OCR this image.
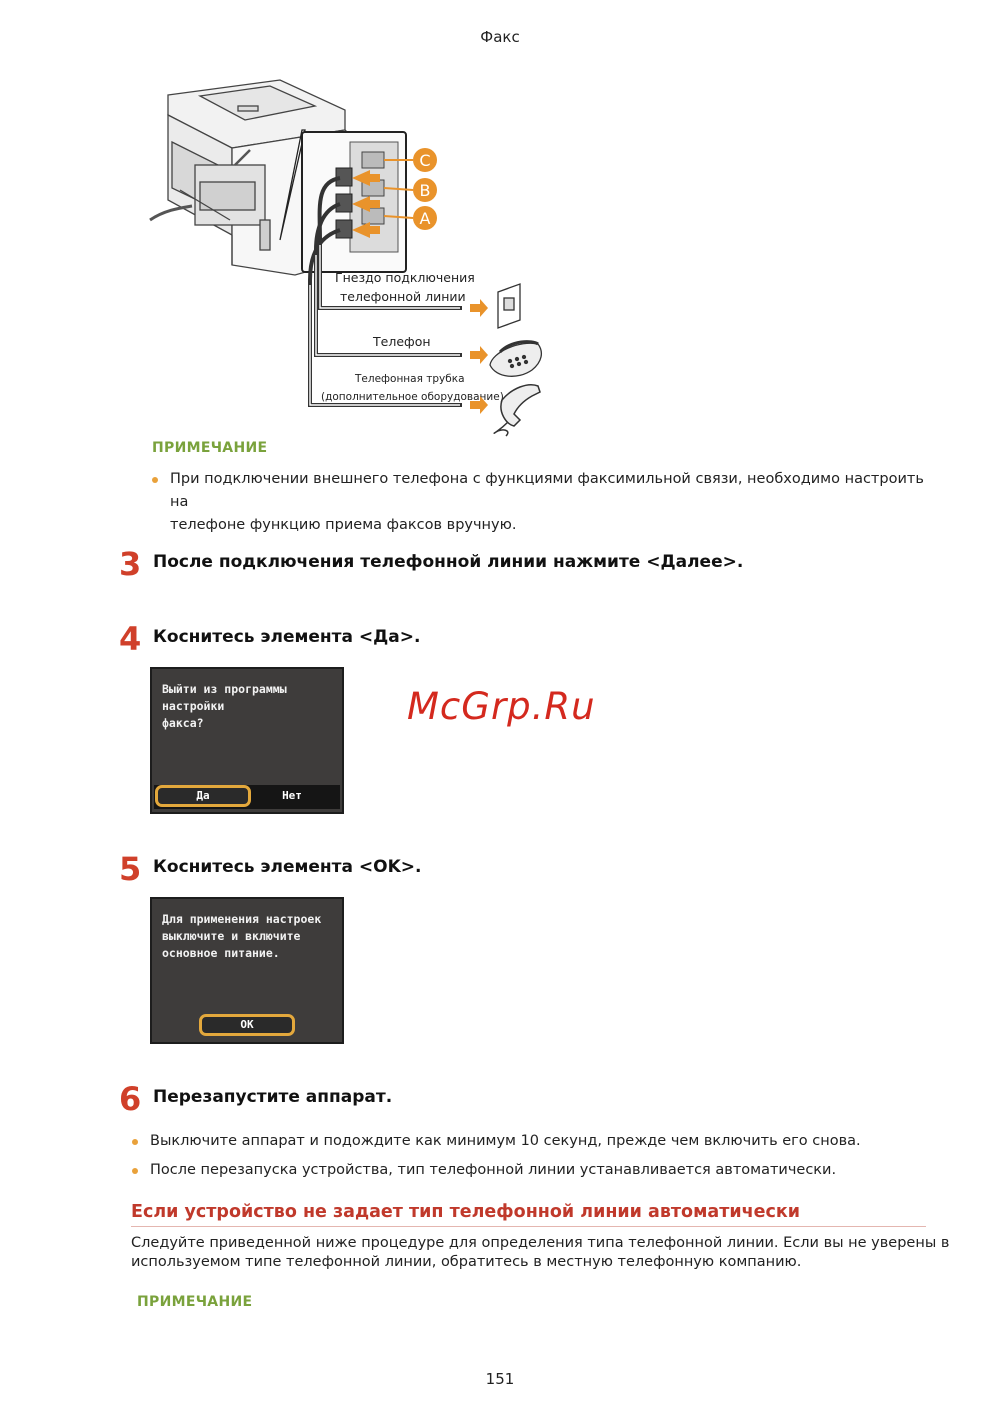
Факс
C
B
A
Гнездо подключения
телефонной линии
Телефон
Телефонная трубка
(дополнительное оборудование)
ПРИМЕЧАНИЕ
При подключении внешнего телефона с функциями факсимильной связи, необходимо настроить на
телефоне функцию приема факсов вручную.
3 После подключения телефонной линии нажмите <Далее>.
4 Коснитесь элемента <Да>.
Выйти из программы настройки
факса?
Да	Нет
McGrp.Ru
5 Коснитесь элемента <OK>.
Для применения настроек
выключите и включите
основное питание.
OK
6 Перезапустите аппарат.
Выключите аппарат и подождите как минимум 10 секунд, прежде чем включить его снова.
После перезапуска устройства, тип телефонной линии устанавливается автоматически.
Если устройство не задает тип телефонной линии автоматически
Следуйте приведенной ниже процедуре для определения типа телефонной линии. Если вы не уверены в
используемом типе телефонной линии, обратитесь в местную телефонную компанию.
ПРИМЕЧАНИЕ
151
